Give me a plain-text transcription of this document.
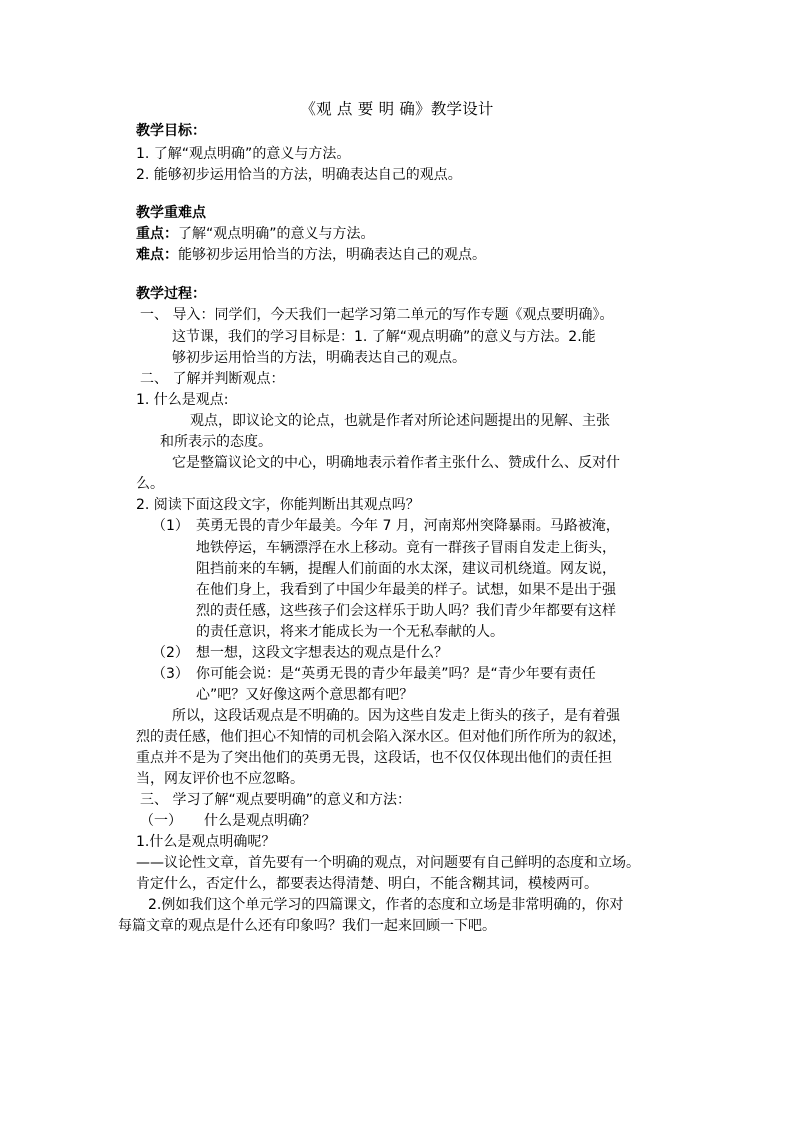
《观 点 要 明 确》教学设计
教学目标：
1. 了解“观点明确”的意义与方法。
2. 能够初步运用恰当的方法，明确表达自己的观点。
教学重难点
重点：了解“观点明确”的意义与方法。
难点：能够初步运用恰当的方法，明确表达自己的观点。
教学过程：
一、 导入：同学们，今天我们一起学习第二单元的写作专题《观点要明确》。
这节课，我们的学习目标是：1. 了解“观点明确”的意义与方法。2.能
够初步运用恰当的方法，明确表达自己的观点。
二、 了解并判断观点：
1. 什么是观点:
观点，即议论文的论点，也就是作者对所论述问题提出的见解、主张
和所表示的态度。
它是整篇议论文的中心，明确地表示着作者主张什么、赞成什么、反对什
么。
2. 阅读下面这段文字，你能判断出其观点吗？
（1） 英勇无畏的青少年最美。今年 7 月，河南郑州突降暴雨。马路被淹，
地铁停运，车辆漂浮在水上移动。竟有一群孩子冒雨自发走上街头，
阻挡前来的车辆，提醒人们前面的水太深，建议司机绕道。网友说，
在他们身上，我看到了中国少年最美的样子。试想，如果不是出于强
烈的责任感，这些孩子们会这样乐于助人吗？我们青少年都要有这样
的责任意识，将来才能成长为一个无私奉献的人。
（2） 想一想，这段文字想表达的观点是什么？
（3） 你可能会说：是“英勇无畏的青少年最美”吗？是“青少年要有责任
心”吧？又好像这两个意思都有吧？
所以，这段话观点是不明确的。因为这些自发走上街头的孩子，是有着强
烈的责任感，他们担心不知情的司机会陷入深水区。但对他们所作所为的叙述，
重点并不是为了突出他们的英勇无畏，这段话，也不仅仅体现出他们的责任担
当，网友评价也不应忽略。
三、 学习了解“观点要明确”的意义和方法：
（一） 什么是观点明确？
1.什么是观点明确呢？
——议论性文章，首先要有一个明确的观点，对问题要有自己鲜明的态度和立场。
肯定什么，否定什么，都要表达得清楚、明白，不能含糊其词，模棱两可。
2.例如我们这个单元学习的四篇课文，作者的态度和立场是非常明确的，你对
每篇文章的观点是什么还有印象吗？我们一起来回顾一下吧。
